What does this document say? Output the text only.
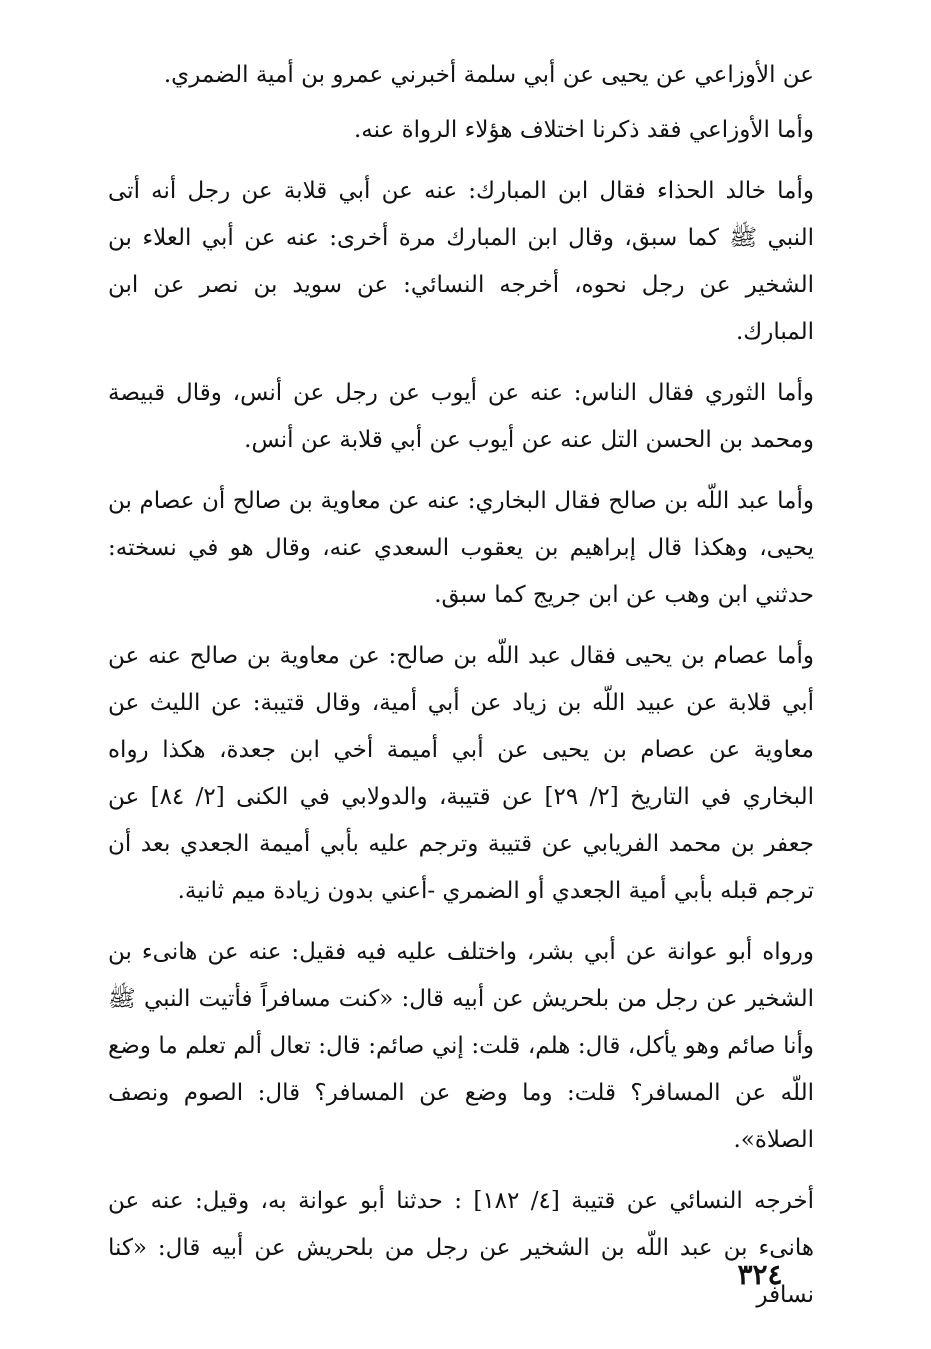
عن الأوزاعي عن يحيى عن أبي سلمة أخبرني عمرو بن أمية الضمري.

وأما الأوزاعي فقد ذكرنا اختلاف هؤلاء الرواة عنه.

وأما خالد الحذاء فقال ابن المبارك: عنه عن أبي قلابة عن رجل أنه أتى النبي ﷺ كما سبق، وقال ابن المبارك مرة أخرى: عنه عن أبي العلاء بن الشخير عن رجل نحوه، أخرجه النسائي: عن سويد بن نصر عن ابن المبارك.

وأما الثوري فقال الناس: عنه عن أيوب عن رجل عن أنس، وقال قبيصة ومحمد بن الحسن التل عنه عن أيوب عن أبي قلابة عن أنس.

وأما عبد اللّه بن صالح فقال البخاري: عنه عن معاوية بن صالح أن عصام بن يحيى، وهكذا قال إبراهيم بن يعقوب السعدي عنه، وقال هو في نسخته: حدثني ابن وهب عن ابن جريج كما سبق.

وأما عصام بن يحيى فقال عبد اللّه بن صالح: عن معاوية بن صالح عنه عن أبي قلابة عن عبيد اللّه بن زياد عن أبي أمية، وقال قتيبة: عن الليث عن معاوية عن عصام بن يحيى عن أبي أميمة أخي ابن جعدة، هكذا رواه البخاري في التاريخ [٢/ ٢٩] عن قتيبة، والدولابي في الكنى [٢/ ٨٤] عن جعفر بن محمد الفريابي عن قتيبة وترجم عليه بأبي أميمة الجعدي بعد أن ترجم قبله بأبي أمية الجعدي أو الضمري -أعني بدون زيادة ميم ثانية.

ورواه أبو عوانة عن أبي بشر، واختلف عليه فيه فقيل: عنه عن هانىء بن الشخير عن رجل من بلحريش عن أبيه قال: «كنت مسافراً فأتيت النبي ﷺ وأنا صائم وهو يأكل، قال: هلم، قلت: إني صائم: قال: تعال ألم تعلم ما وضع اللّه عن المسافر؟ قلت: وما وضع عن المسافر؟ قال: الصوم ونصف الصلاة».

أخرجه النسائي عن قتيبة [٤/ ١٨٢] : حدثنا أبو عوانة به، وقيل: عنه عن هانىء بن عبد اللّه بن الشخير عن رجل من بلحريش عن أبيه قال: «كنا نسافر

٣٢٤
